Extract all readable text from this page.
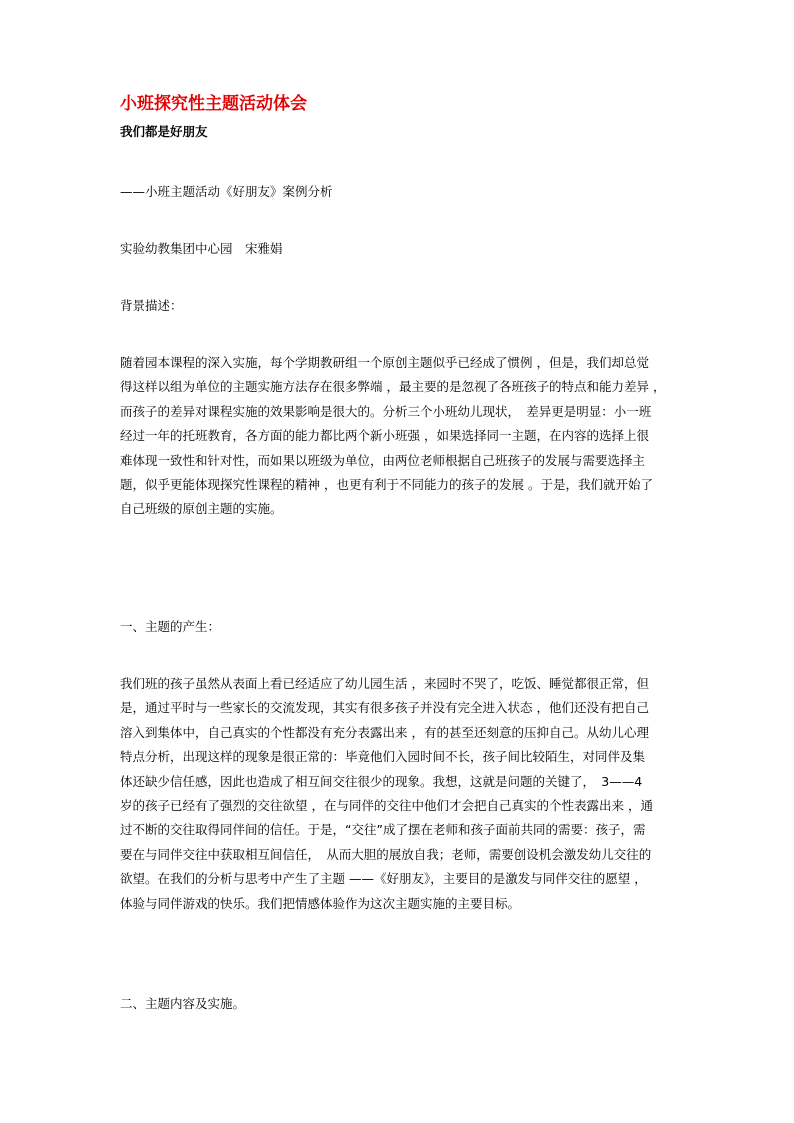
小班探究性主题活动体会
我们都是好朋友
——小班主题活动《好朋友》案例分析
实验幼教集团中心园　宋雅娟
背景描述：
随着园本课程的深入实施，每个学期教研组一个原创主题似乎已经成了惯例 ，但是，我们却总觉
得这样以组为单位的主题实施方法存在很多弊端 ，最主要的是忽视了各班孩子的特点和能力差异 ，
而孩子的差异对课程实施的效果影响是很大的。分析三个小班幼儿现状，　差异更是明显：小一班
经过一年的托班教育，各方面的能力都比两个新小班强 ，如果选择同一主题，在内容的选择上很
难体现一致性和针对性，而如果以班级为单位，由两位老师根据自己班孩子的发展与需要选择主
题，似乎更能体现探究性课程的精神 ，也更有利于不同能力的孩子的发展 。于是，我们就开始了
自己班级的原创主题的实施。
一、主题的产生：
我们班的孩子虽然从表面上看已经适应了幼儿园生活 ，来园时不哭了，吃饭、睡觉都很正常，但
是，通过平时与一些家长的交流发现，其实有很多孩子并没有完全进入状态 ，他们还没有把自己
溶入到集体中，自己真实的个性都没有充分表露出来 ，有的甚至还刻意的压抑自己。从幼儿心理
特点分析，出现这样的现象是很正常的：毕竟他们入园时间不长，孩子间比较陌生，对同伴及集
体还缺少信任感，因此也造成了相互间交往很少的现象。我想，这就是问题的关键了，　3——4
岁的孩子已经有了强烈的交往欲望 ，在与同伴的交往中他们才会把自己真实的个性表露出来 ，通
过不断的交往取得同伴间的信任。于是，“交往”成了摆在老师和孩子面前共同的需要：孩子，需
要在与同伴交往中获取相互间信任，　从而大胆的展放自我；老师，需要创设机会激发幼儿交往的
欲望。在我们的分析与思考中产生了主题 ——《好朋友》，主要目的是激发与同伴交往的愿望 ，
体验与同伴游戏的快乐。我们把情感体验作为这次主题实施的主要目标。
二、主题内容及实施。
